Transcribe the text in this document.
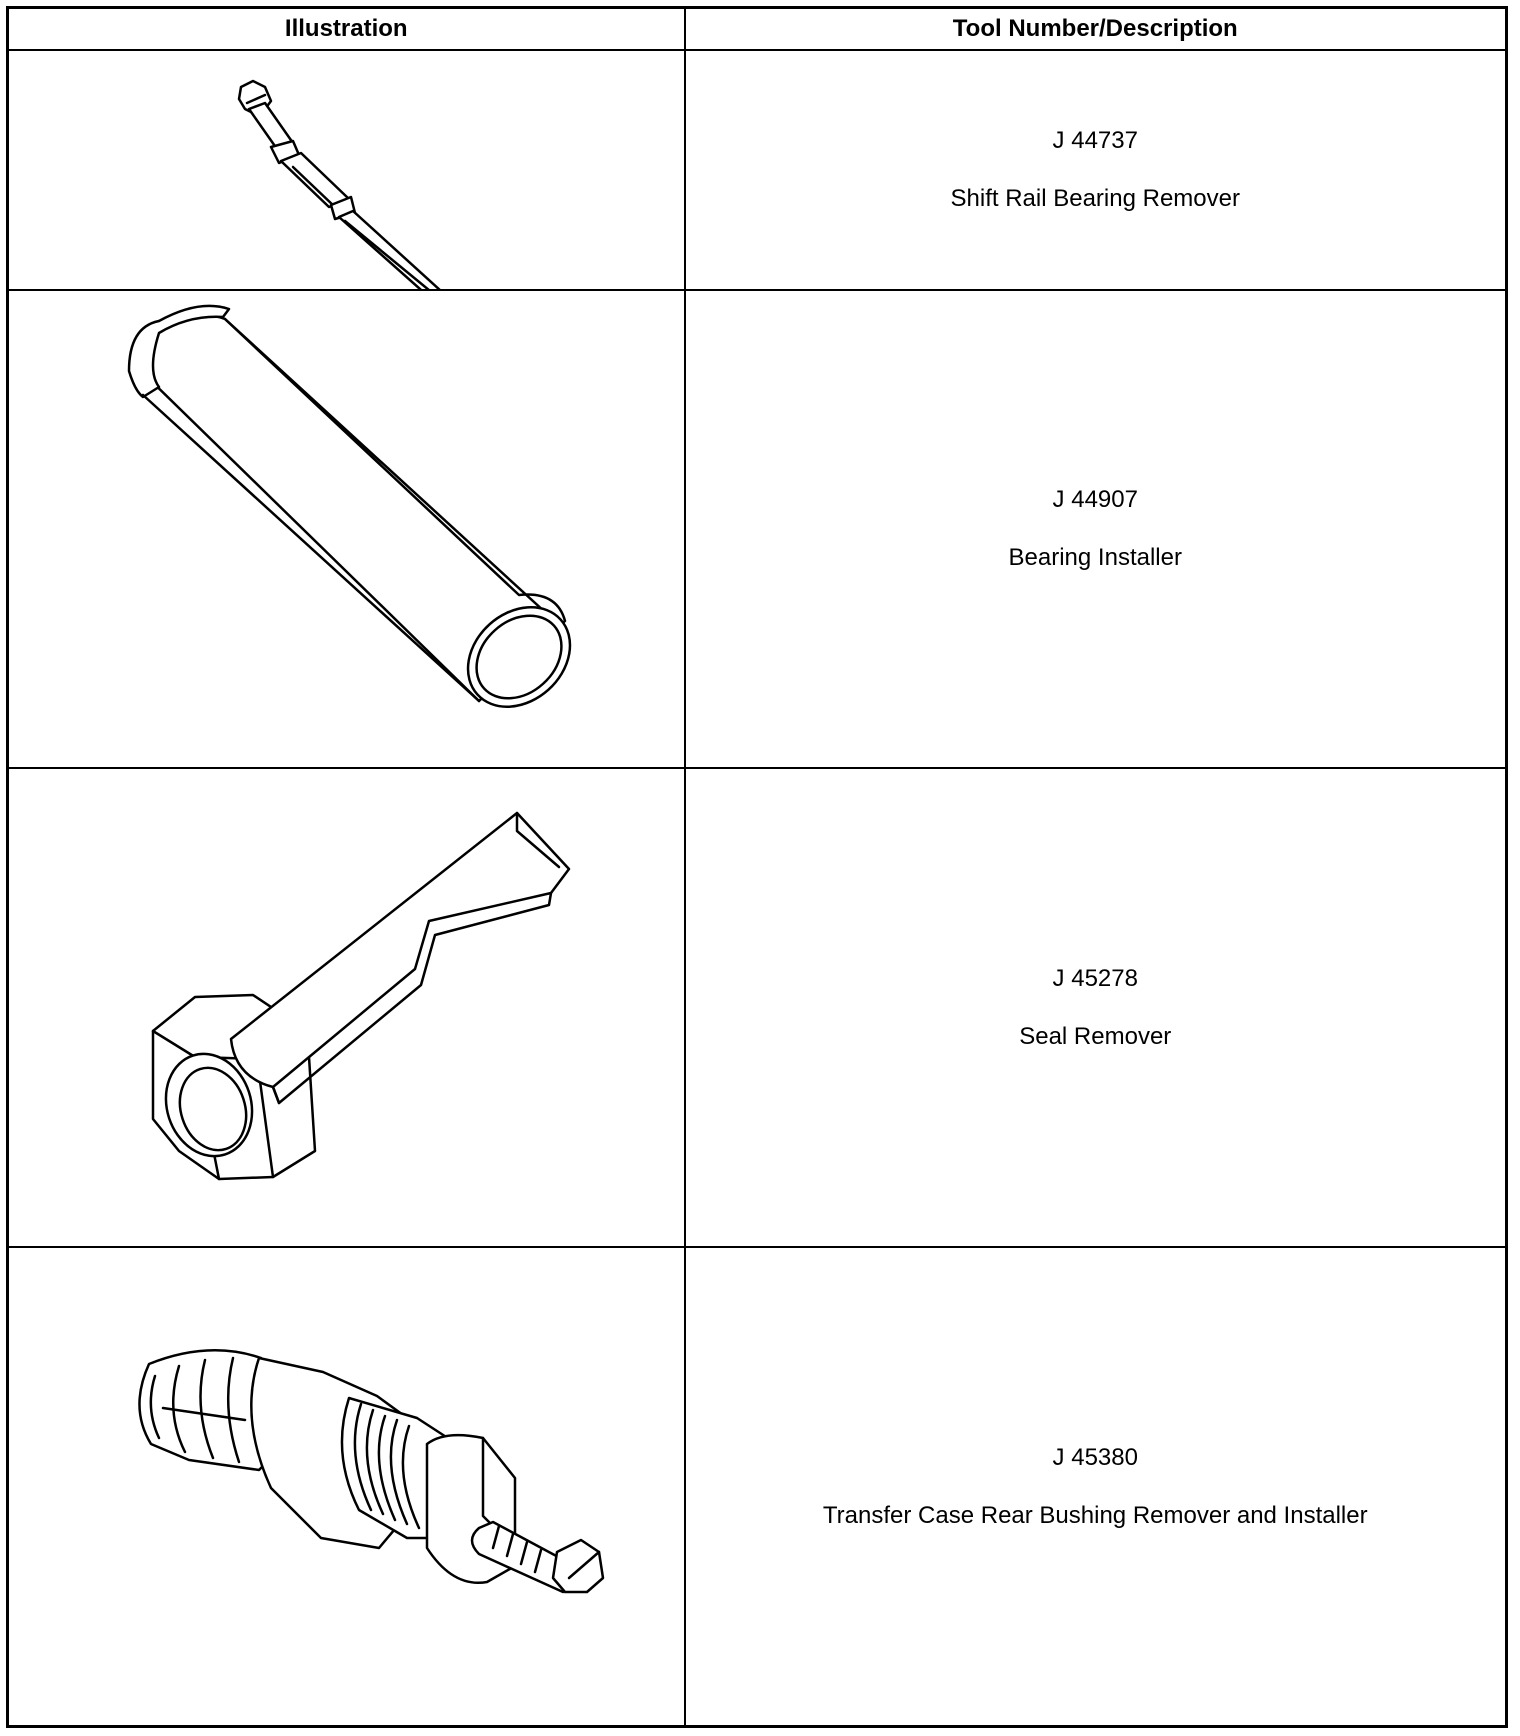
Illustration	Tool Number/Description

J 44737
Shift Rail Bearing Remover

J 44907
Bearing Installer

J 45278
Seal Remover

J 45380
Transfer Case Rear Bushing Remover and Installer
